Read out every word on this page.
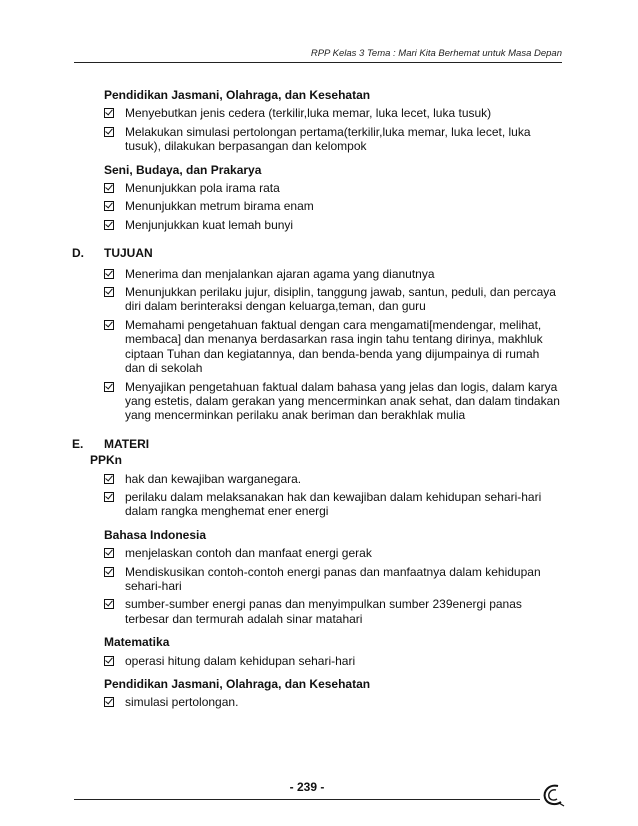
RPP Kelas 3 Tema : Mari Kita Berhemat untuk Masa Depan
Pendidikan Jasmani, Olahraga, dan Kesehatan
Menyebutkan jenis cedera (terkilir,luka memar, luka lecet, luka tusuk)
Melakukan simulasi pertolongan pertama(terkilir,luka memar, luka lecet, luka tusuk), dilakukan berpasangan dan kelompok
Seni, Budaya, dan Prakarya
Menunjukkan pola irama rata
Menunjukkan metrum birama enam
Menjunjukkan kuat lemah bunyi
D.	TUJUAN
Menerima dan menjalankan ajaran agama yang dianutnya
Menunjukkan perilaku jujur, disiplin, tanggung jawab, santun, peduli, dan percaya diri dalam berinteraksi dengan keluarga,teman, dan guru
Memahami pengetahuan faktual dengan cara mengamati[mendengar, melihat, membaca] dan menanya berdasarkan rasa ingin tahu tentang dirinya, makhluk ciptaan Tuhan dan kegiatannya, dan benda-benda yang dijumpainya di rumah dan di sekolah
Menyajikan pengetahuan faktual dalam bahasa yang jelas dan logis, dalam karya yang estetis, dalam gerakan yang mencerminkan anak sehat, dan dalam tindakan yang mencerminkan perilaku anak beriman dan berakhlak mulia
E.	MATERI
PPKn
hak dan kewajiban warganegara.
perilaku dalam melaksanakan hak dan kewajiban dalam kehidupan sehari-hari dalam rangka menghemat ener energi
Bahasa Indonesia
menjelaskan contoh dan manfaat energi gerak
Mendiskusikan contoh-contoh energi panas dan manfaatnya dalam kehidupan sehari-hari
sumber-sumber energi panas dan menyimpulkan sumber 239energi panas terbesar dan termurah adalah sinar matahari
Matematika
operasi hitung dalam kehidupan sehari-hari
Pendidikan Jasmani, Olahraga, dan Kesehatan
simulasi pertolongan.
- 239 -
